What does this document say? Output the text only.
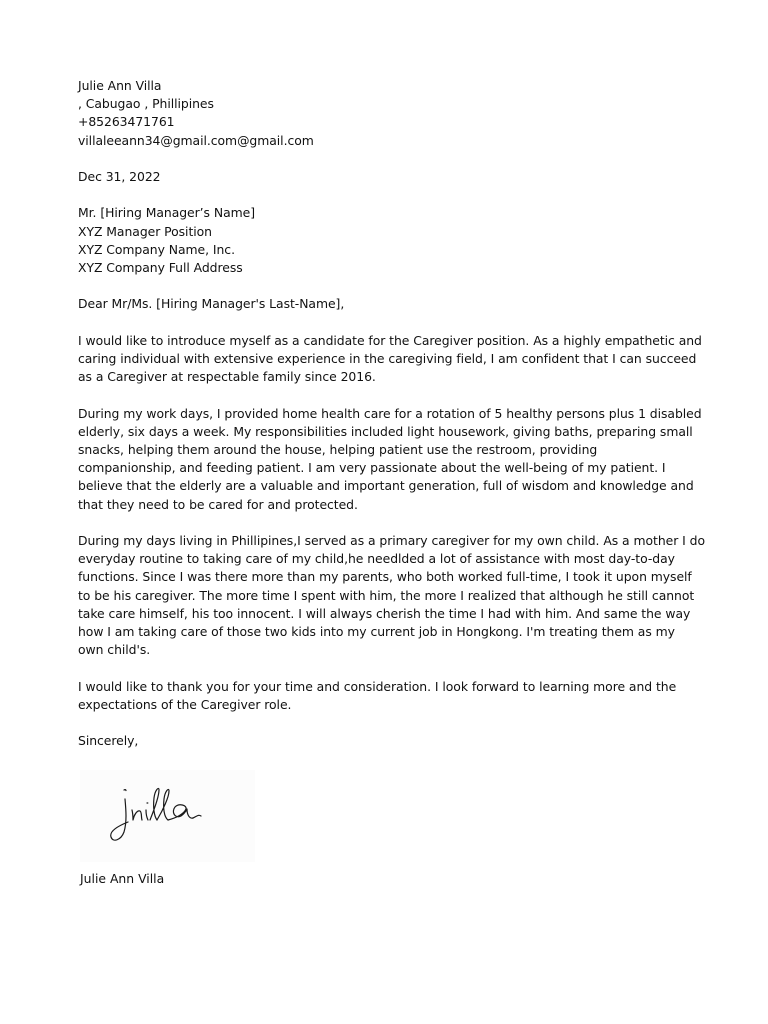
Julie Ann Villa
, Cabugao , Phillipines
+85263471761
villaleeann34@gmail.com@gmail.com
Dec 31, 2022
Mr. [Hiring Manager’s Name]
XYZ Manager Position
XYZ Company Name, Inc.
XYZ Company Full Address
Dear Mr/Ms. [Hiring Manager's Last-Name],
I would like to introduce myself as a candidate for the Caregiver position. As a highly empathetic and
caring individual with extensive experience in the caregiving field, I am confident that I can succeed
as a Caregiver at respectable family since 2016.
During my work days, I provided home health care for a rotation of 5 healthy persons plus 1 disabled
elderly, six days a week. My responsibilities included light housework, giving baths, preparing small
snacks, helping them around the house, helping patient use the restroom, providing
companionship, and feeding patient. I am very passionate about the well-being of my patient. I
believe that the elderly are a valuable and important generation, full of wisdom and knowledge and
that they need to be cared for and protected.
During my days living in Phillipines,I served as a primary caregiver for my own child. As a mother I do
everyday routine to taking care of my child,he needlded a lot of assistance with most day-to-day
functions. Since I was there more than my parents, who both worked full-time, I took it upon myself
to be his caregiver. The more time I spent with him, the more I realized that although he still cannot
take care himself, his too innocent. I will always cherish the time I had with him. And same the way
how I am taking care of those two kids into my current job in Hongkong. I'm treating them as my
own child's.
I would like to thank you for your time and consideration. I look forward to learning more and the
expectations of the Caregiver role.
Sincerely,
Julie Ann Villa
